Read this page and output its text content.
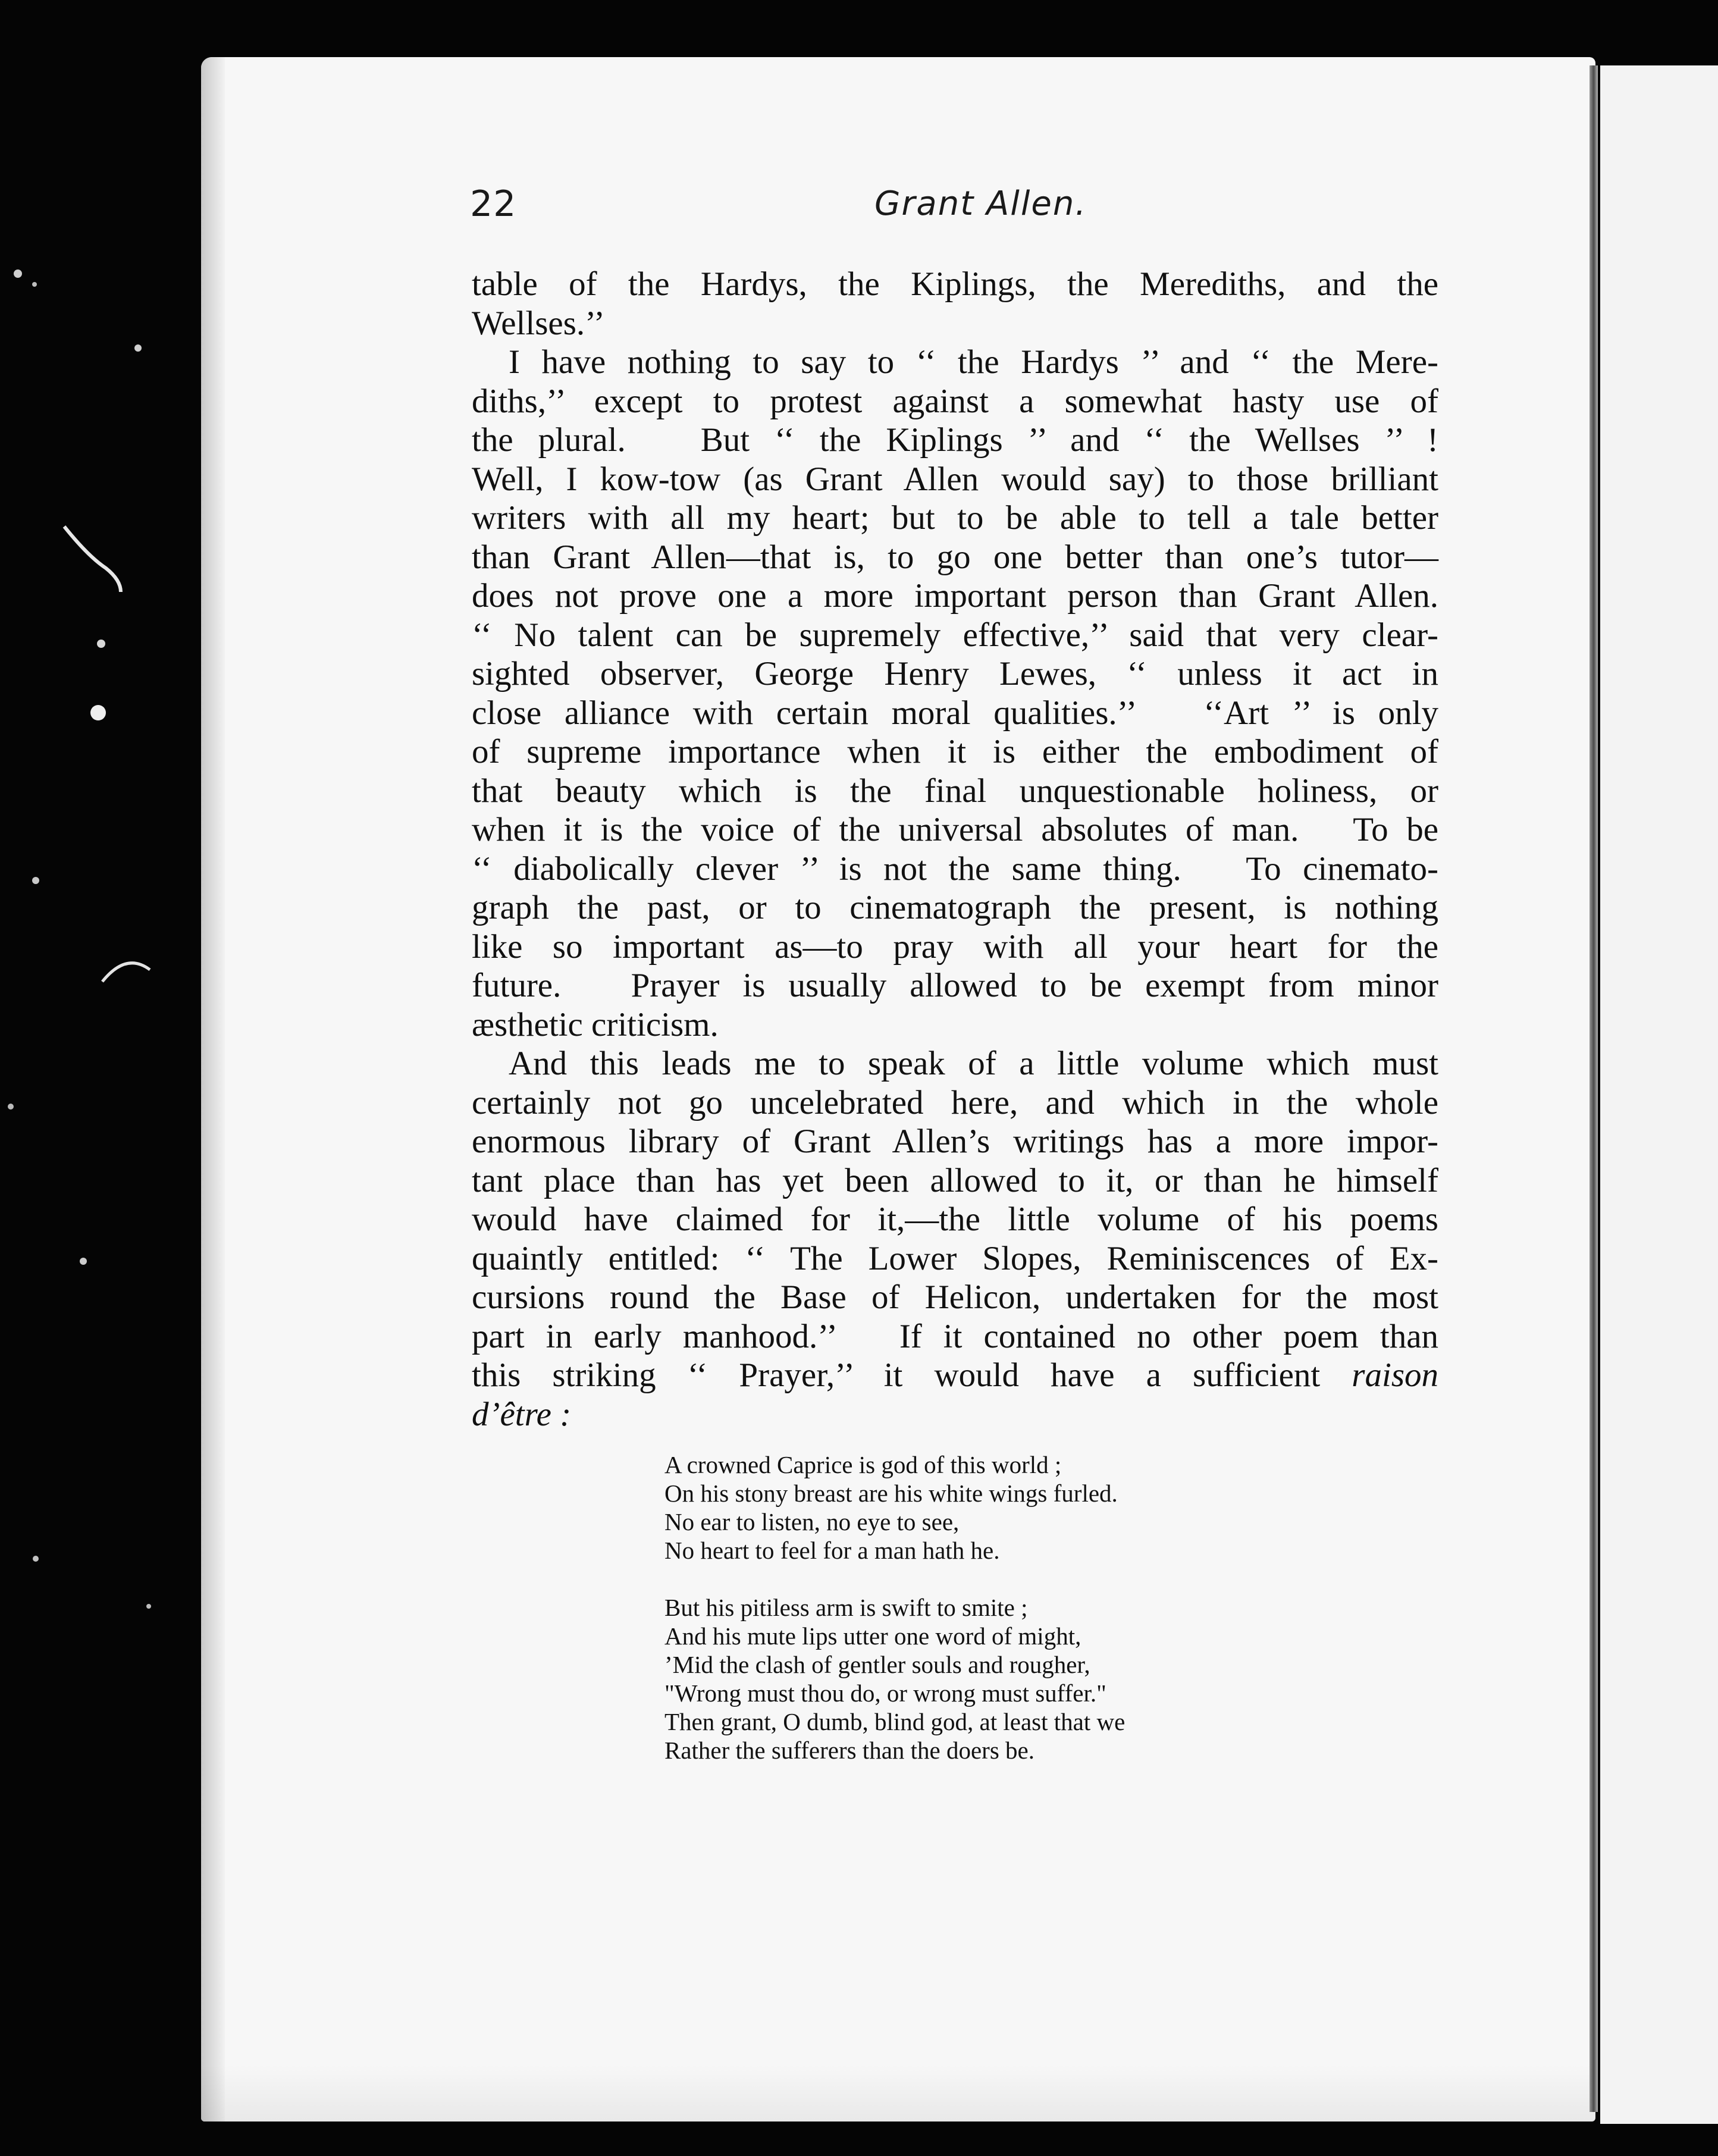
22	Grant Allen.
table of the Hardys, the Kiplings, the Merediths, and the
Wellses.’’
I have nothing to say to ‘‘ the Hardys ’’ and ‘‘ the Mere-
diths,’’ except to protest against a somewhat hasty use of
the plural.   But ‘‘ the Kiplings ’’ and ‘‘ the Wellses ’’ !
Well, I kow-tow (as Grant Allen would say) to those brilliant
writers with all my heart; but to be able to tell a tale better
than Grant Allen—that is, to go one better than one’s tutor—
does not prove one a more important person than Grant Allen.
‘‘ No talent can be supremely effective,’’ said that very clear-
sighted observer, George Henry Lewes, ‘‘ unless it act in
close alliance with certain moral qualities.’’   ‘‘Art ’’ is only
of supreme importance when it is either the embodiment of
that beauty which is the final unquestionable holiness, or
when it is the voice of the universal absolutes of man.   To be
‘‘ diabolically clever ’’ is not the same thing.   To cinemato-
graph the past, or to cinematograph the present, is nothing
like so important as—to pray with all your heart for the
future.   Prayer is usually allowed to be exempt from minor
æsthetic criticism.
And this leads me to speak of a little volume which must
certainly not go uncelebrated here, and which in the whole
enormous library of Grant Allen’s writings has a more impor-
tant place than has yet been allowed to it, or than he himself
would have claimed for it,—the little volume of his poems
quaintly entitled: ‘‘ The Lower Slopes, Reminiscences of Ex-
cursions round the Base of Helicon, undertaken for the most
part in early manhood.’’   If it contained no other poem than
this striking ‘‘ Prayer,’’ it would have a sufficient raison
d’être :
A crowned Caprice is god of this world ;
On his stony breast are his white wings furled.
No ear to listen, no eye to see,
No heart to feel for a man hath he.
But his pitiless arm is swift to smite ;
And his mute lips utter one word of might,
’Mid the clash of gentler souls and rougher,
"Wrong must thou do, or wrong must suffer."
Then grant, O dumb, blind god, at least that we
Rather the sufferers than the doers be.
